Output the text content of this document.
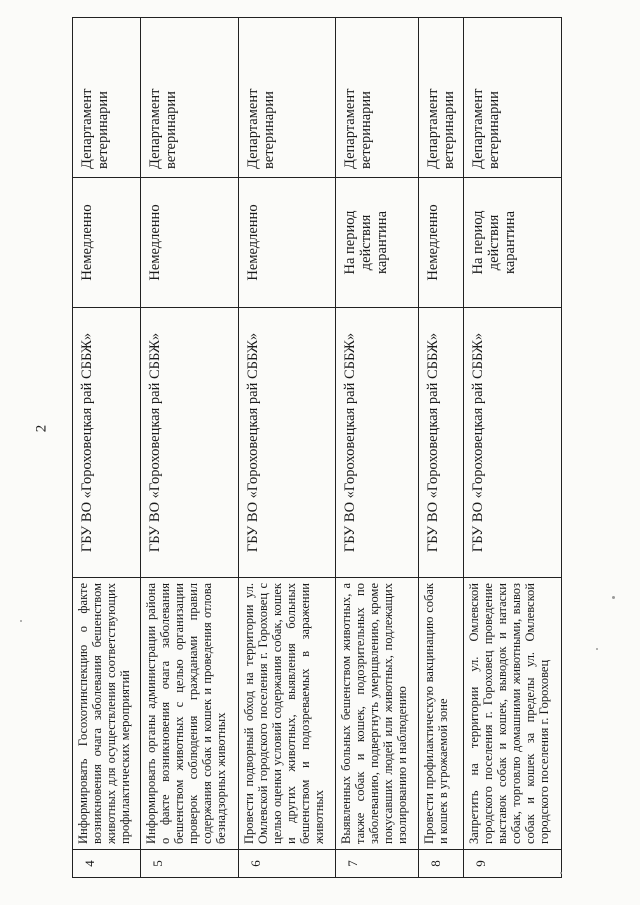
2
4	Информировать Госохотинспекцию о факте возникновения очага заболевания бешенством животных для осуществления соответствующих профилактических мероприятий	ГБУ ВО «Гороховецкая рай СББЖ»	Немедленно	Департамент ветеринарии
5	Информировать органы администрации района о факте возникновения очага заболевания бешенством животных с целью организации проверок соблюдения гражданами правил содержания собак и кошек и проведения отлова безнадзорных животных	ГБУ ВО «Гороховецкая рай СББЖ»	Немедленно	Департамент ветеринарии
6	Провести подворный обход на территории ул. Омлевской городского поселения г. Гороховец с целью оценки условий содержания собак, кошек и других животных, выявления больных бешенством и подозреваемых в заражении животных	ГБУ ВО «Гороховецкая рай СББЖ»	Немедленно	Департамент ветеринарии
7	Выявленных больных бешенством животных, а также собак и кошек, подозрительных по заболеванию, подвергнуть умерщвлению, кроме покусавших людей или животных, подлежащих изолированию и наблюдению	ГБУ ВО «Гороховецкая рай СББЖ»	На период действия карантина	Департамент ветеринарии
8	Провести профилактическую вакцинацию собак и кошек в угрожаемой зоне	ГБУ ВО «Гороховецкая рай СББЖ»	Немедленно	Департамент ветеринарии
9	Запретить на территории ул. Омлевской городского поселения г. Гороховец проведение выставок собак и кошек, выводок и натаски собак, торговлю домашними животными, вывоз собак и кошек за пределы ул. Омлевской городского поселения г. Гороховец	ГБУ ВО «Гороховецкая рай СББЖ»	На период действия карантина	Департамент ветеринарии
